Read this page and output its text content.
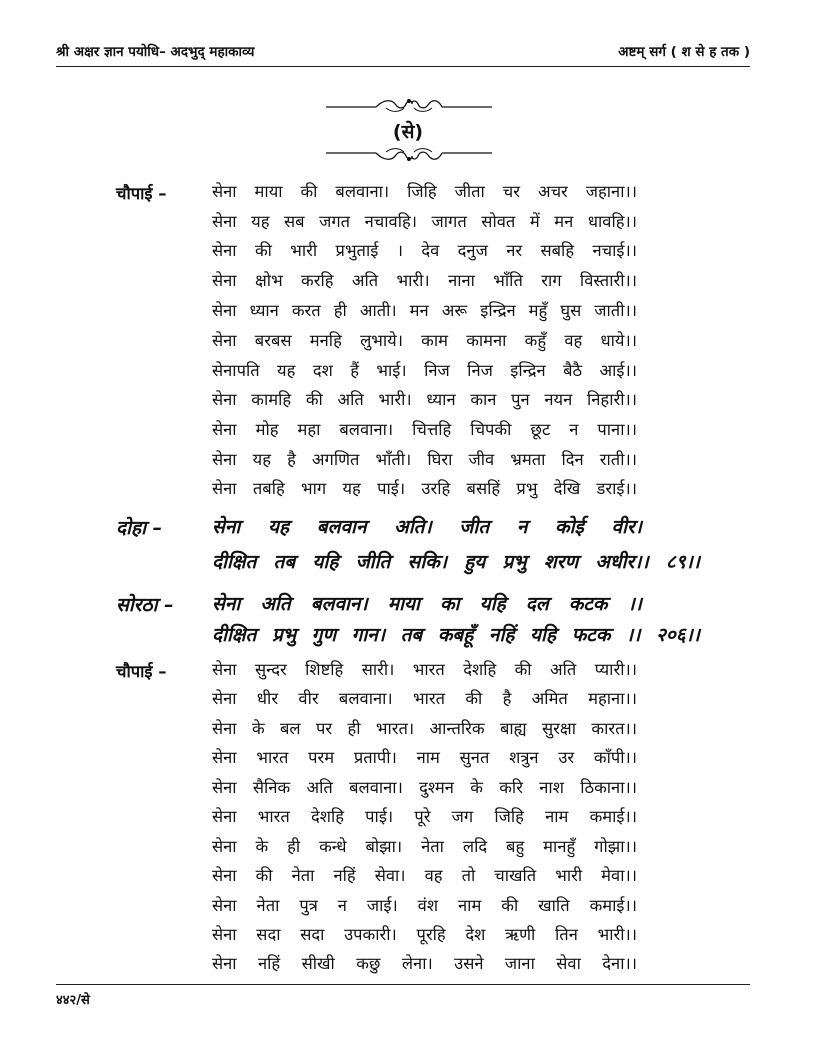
श्री अक्षर ज्ञान पयोधि– अदभुद् महाकाव्य	अष्टम् सर्ग ( श से ह तक )
(से)
चौपाई –	सेना माया की बलवाना। जिहि जीता चर अचर जहाना।।
सेना यह सब जगत नचावहि। जागत सोवत में मन धावहि।।
सेना की भारी प्रभुताई । देव दनुज नर सबहि नचाई।।
सेना क्षोभ करहि अति भारी। नाना भाँति राग विस्तारी।।
सेना ध्यान करत ही आती। मन अरू इन्द्रिन महुँ घुस जाती।।
सेना बरबस मनहि लुभाये। काम कामना कहुँ वह धाये।।
सेनापति यह दश हैं भाई। निज निज इन्द्रिन बैठै आई।।
सेना कामहि की अति भारी। ध्यान कान पुन नयन निहारी।।
सेना मोह महा बलवाना। चित्तहि चिपकी छूट न पाना।।
सेना यह है अगणित भाँती। घिरा जीव भ्रमता दिन राती।।
सेना तबहि भाग यह पाई। उरहि बसहिं प्रभु देखि डराई।।
दोहा –	सेना यह बलवान अति। जीत न कोई वीर।
दीक्षित तब यहि जीति सकि। हुय प्रभु शरण अधीर।। ८९।।
सोरठा – सेना अति बलवान। माया का यहि दल कटक ।।
दीक्षित प्रभु गुण गान। तब कबहूँ नहिं यहि फटक ।। २०६।।
चौपाई –	सेना सुन्दर शिष्टहि सारी। भारत देशहि की अति प्यारी।।
सेना धीर वीर बलवाना। भारत की है अमित महाना।।
सेना के बल पर ही भारत। आन्तरिक बाह्य सुरक्षा कारत।।
सेना भारत परम प्रतापी। नाम सुनत शत्रुन उर काँपी।।
सेना सैनिक अति बलवाना। दुश्मन के करि नाश ठिकाना।।
सेना भारत देशहि पाई। पूरे जग जिहि नाम कमाई।।
सेना के ही कन्धे बोझा। नेता लदि बहु मानहुँ गोझा।।
सेना की नेता नहिं सेवा। वह तो चाखति भारी मेवा।।
सेना नेता पुत्र न जाई। वंश नाम की खाति कमाई।।
सेना सदा सदा उपकारी। पूरहि देश ऋणी तिन भारी।।
सेना नहिं सीखी कछु लेना। उसने जाना सेवा देना।।
४४२/से
